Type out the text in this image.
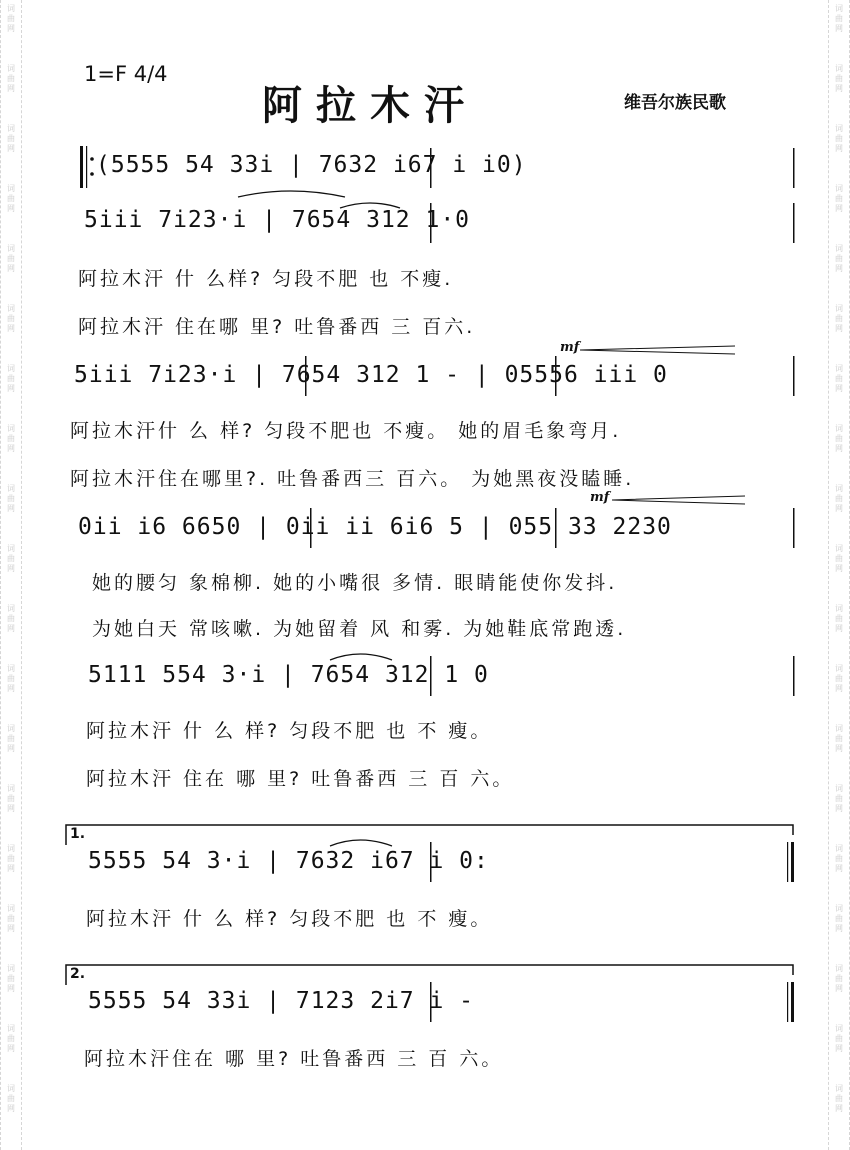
词
曲
网
词
曲
网
词
曲
网
词
曲
网
词
曲
网
词
曲
网
词
曲
网
词
曲
网
词
曲
网
词
曲
网
词
曲
网
词
曲
网
词
曲
网
词
曲
网
词
曲
网
词
曲
网
词
曲
网
词
曲
网
词
曲
网
词
曲
网
词
曲
网
词
曲
网
词
曲
网
词
曲
网
词
曲
网
词
曲
网
词
曲
网
词
曲
网
词
曲
网
词
曲
网
词
曲
网
词
曲
网
词
曲
网
词
曲
网
词
曲
网
词
曲
网
词
曲
网
词
曲
网
1=F 4/4
阿拉木汗	维吾尔族民歌
(5555 54 33i | 7632 i67 i i0)
5iii 7i23·i | 7654 312 1·0
阿拉木汗 什 么样? 匀段不肥 也 不瘦.
阿拉木汗 住在哪 里? 吐鲁番西 三 百六.
mf
5iii 7i23·i | 7654 312 1 - | 05556 iii 0
阿拉木汗什 么 样? 匀段不肥也 不瘦。 她的眉毛象弯月.
阿拉木汗住在哪里?. 吐鲁番西三 百六。 为她黑夜没瞌睡.
mf
0ii i6 6650 | 0ii ii 6i6 5 | 055 33 2230
她的腰匀 象棉柳. 她的小嘴很 多情. 眼睛能使你发抖.
为她白天 常咳嗽. 为她留着 风 和雾. 为她鞋底常跑透.
5111 554 3·i | 7654 312 1 0
阿拉木汗 什 么 样? 匀段不肥 也 不 瘦。
阿拉木汗 住在 哪 里? 吐鲁番西 三 百 六。
1.
5555 54 3·i | 7632 i67 i 0:
阿拉木汗 什 么 样? 匀段不肥 也 不 瘦。
2.
5555 54 33i | 7123 2i7 i -
阿拉木汗住在 哪 里? 吐鲁番西 三 百 六。
